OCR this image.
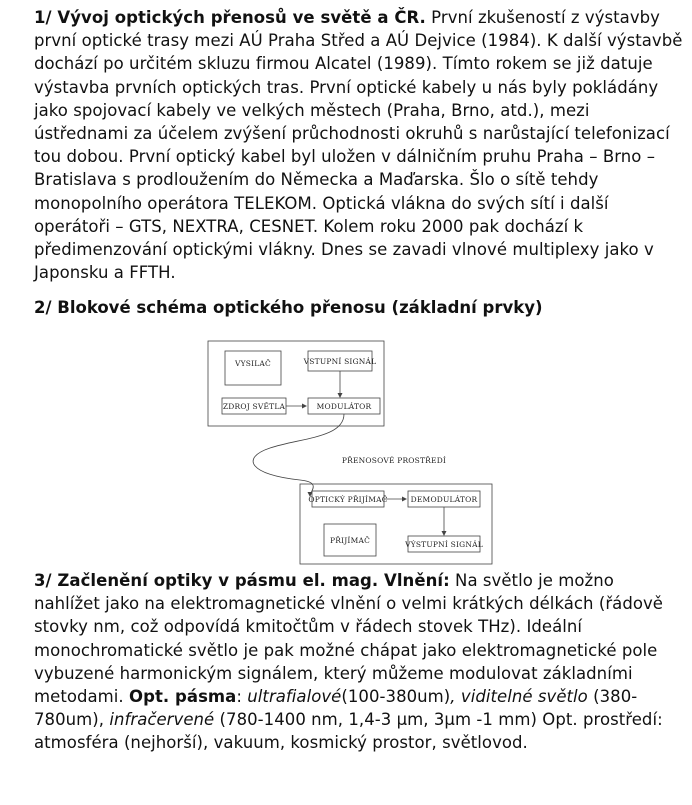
1/ Vývoj optických přenosů ve světě a ČR. První zkušeností z výstavby první optické trasy mezi AÚ Praha Střed a AÚ Dejvice (1984). K další výstavbě dochází po určitém skluzu firmou Alcatel (1989). Tímto rokem se již datuje výstavba prvních optických tras. První optické kabely u nás byly pokládány jako spojovací kabely ve velkých městech (Praha, Brno, atd.), mezi ústřednami za účelem zvýšení průchodnosti okruhů s narůstající telefonizací tou dobou. První optický kabel byl uložen v dálničním pruhu Praha – Brno – Bratislava s prodloužením do Německa a Maďarska. Šlo o sítě tehdy monopolního operátora TELEKOM. Optická vlákna do svých sítí i další operátoři – GTS, NEXTRA, CESNET. Kolem roku 2000 pak dochází k předimenzování optickými vlákny. Dnes se zavadi vlnové multiplexy jako v Japonsku a FFTH.

2/ Blokové schéma optického přenosu (základní prvky)

VYSILAČ	VSTUPNÍ SIGNÁL
ZDROJ SVĚTLA	MODULÁTOR
PŘENOSOVÉ PROSTŘEDÍ
OPTICKÝ PŘIJÍMAČ	DEMODULÁTOR
PŘIJÍMAČ	VÝSTUPNÍ SIGNÁL

3/ Začlenění optiky v pásmu el. mag. Vlnění: Na světlo je možno nahlížet jako na elektromagnetické vlnění o velmi krátkých délkách (řádově stovky nm, což odpovídá kmitočtům v řádech stovek THz). Ideální monochromatické světlo je pak možné chápat jako elektromagnetické pole vybuzené harmonickým signálem, který můžeme modulovat základními metodami. Opt. pásma: ultrafialové(100-380um), viditelné světlo (380-780um), infračervené (780-1400 nm, 1,4-3 μm, 3μm -1 mm) Opt. prostředí: atmosféra (nejhorší), vakuum, kosmický prostor, světlovod.
